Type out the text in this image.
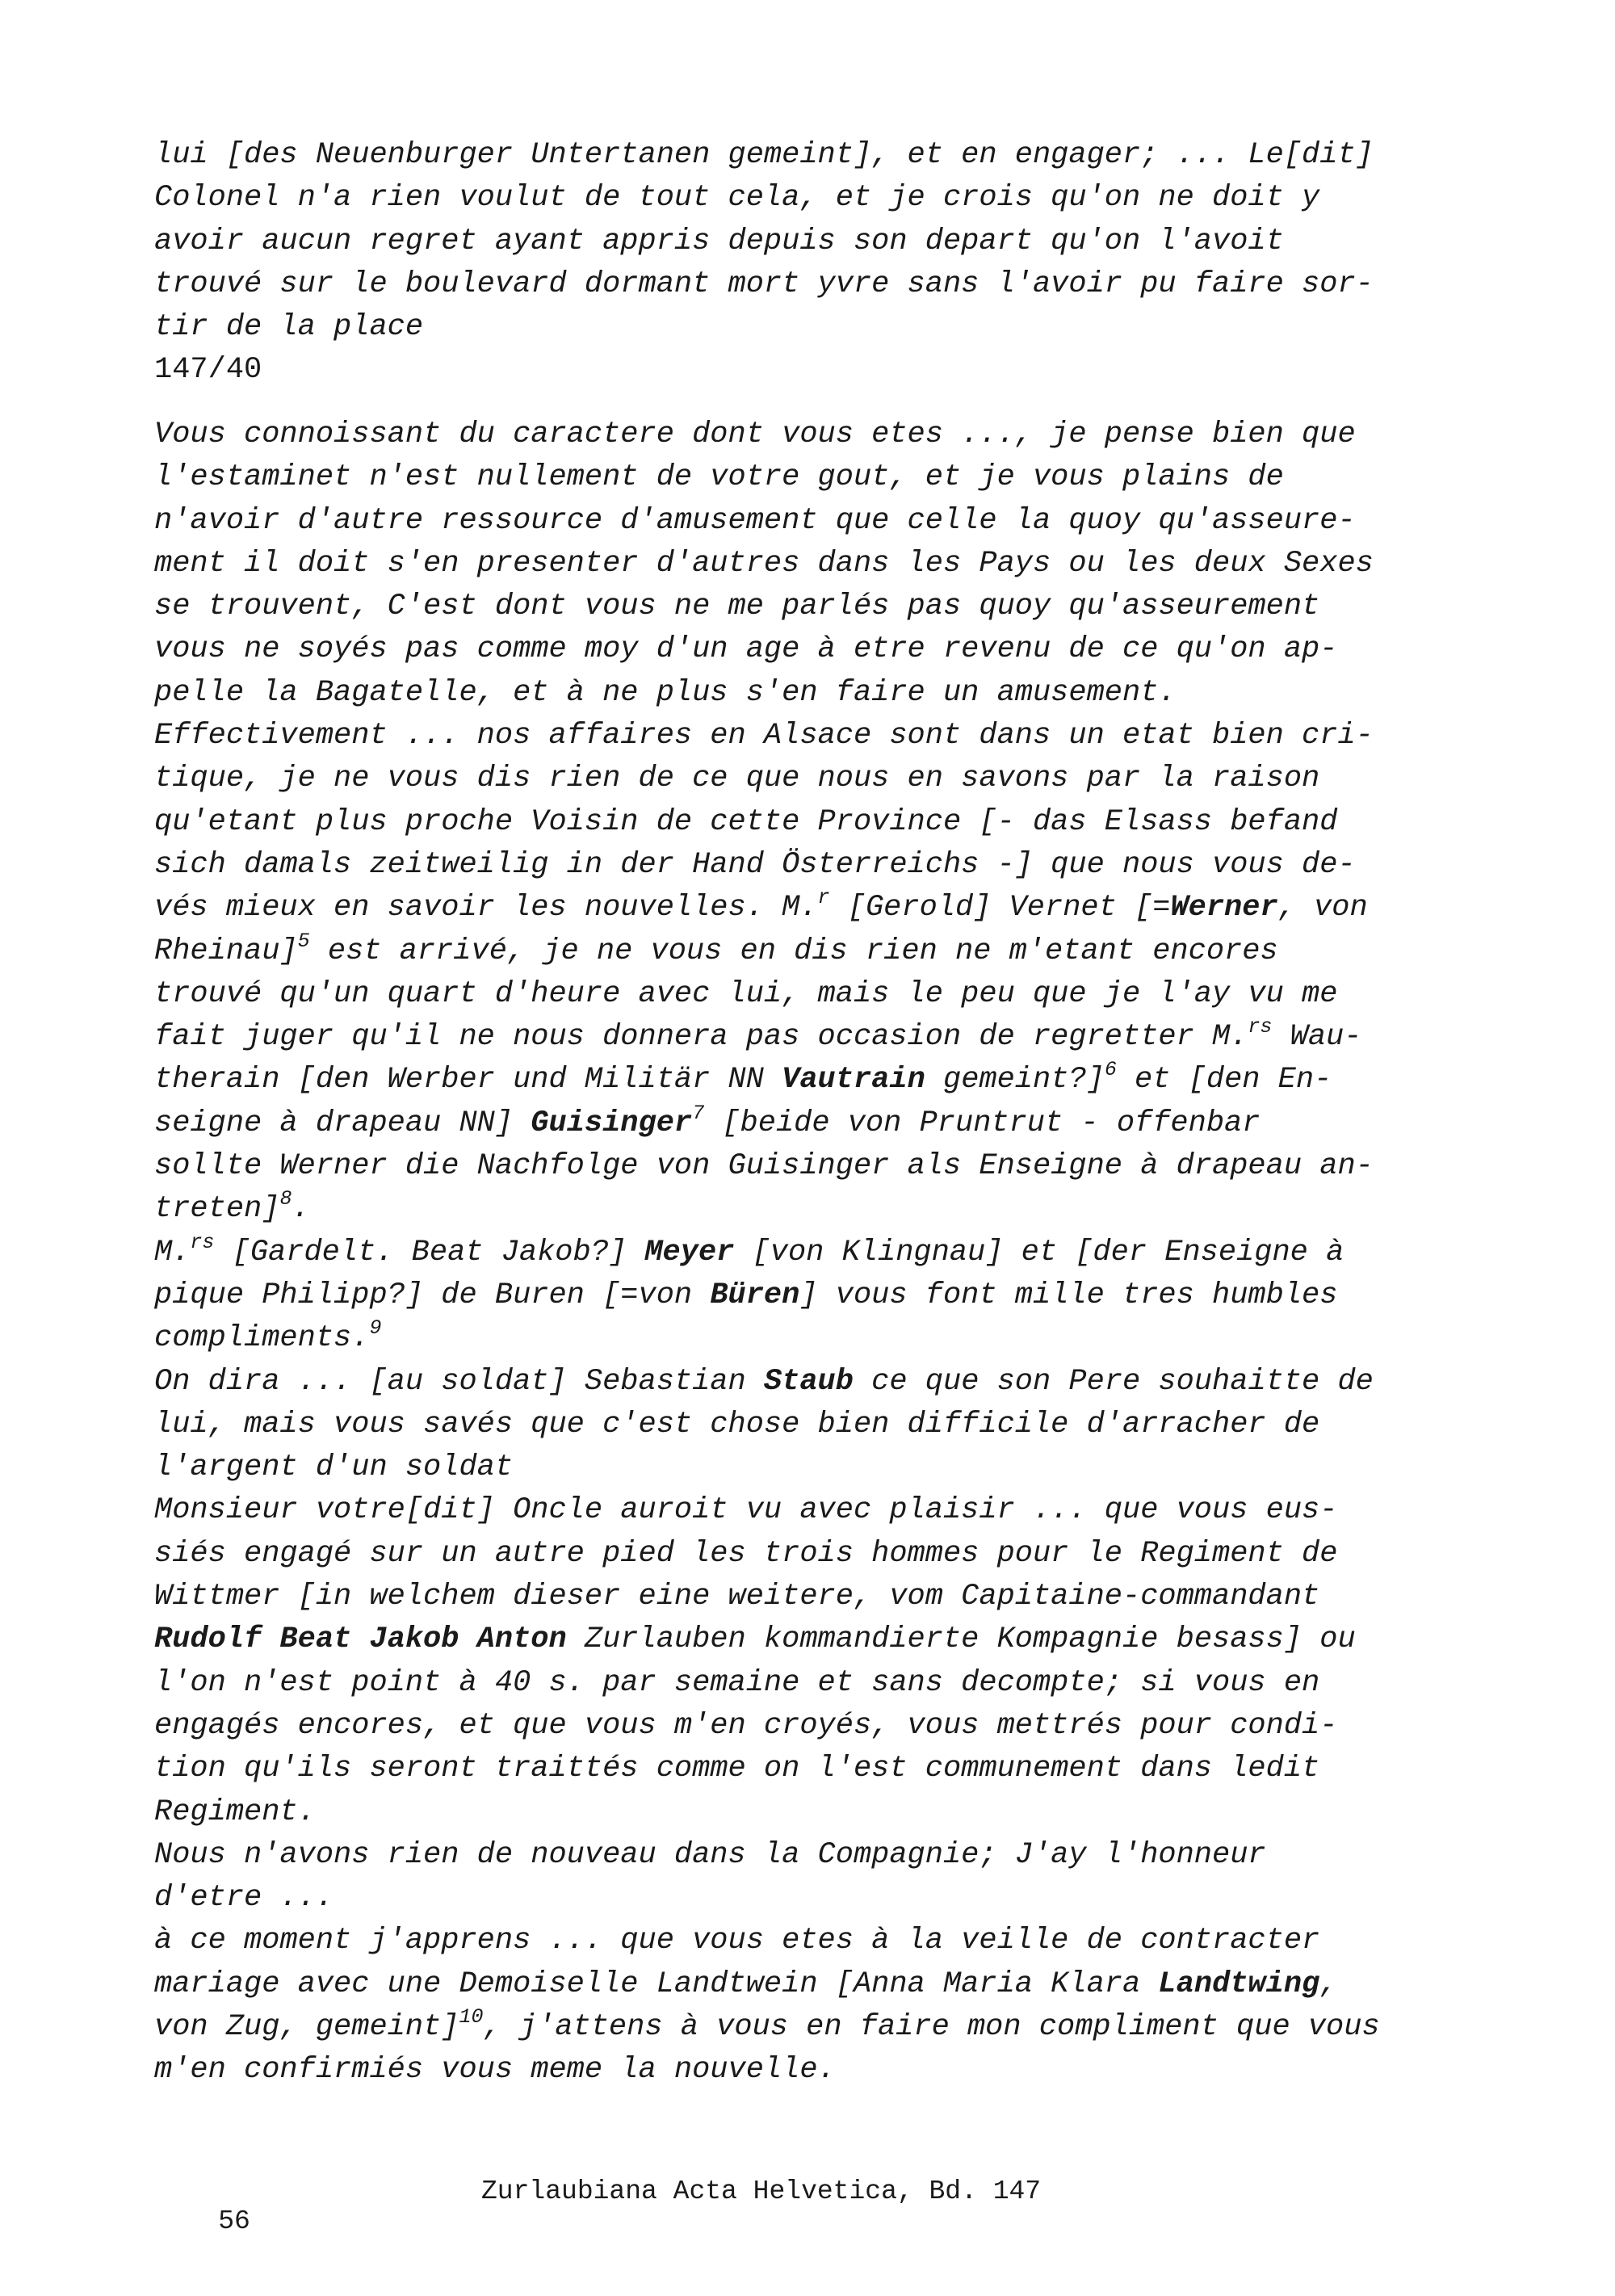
lui [des Neuenburger Untertanen gemeint], et en engager; ... Le[dit]
Colonel n'a rien voulut de tout cela, et je crois qu'on ne doit y
avoir aucun regret ayant appris depuis son depart qu'on l'avoit
trouvé sur le boulevard dormant mort yvre sans l'avoir pu faire sor-
tir de la place
147/40
Vous connoissant du caractere dont vous etes ..., je pense bien que
l'estaminet n'est nullement de votre gout, et je vous plains de
n'avoir d'autre ressource d'amusement que celle la quoy qu'asseure-
ment il doit s'en presenter d'autres dans les Pays ou les deux Sexes
se trouvent, C'est dont vous ne me parlés pas quoy qu'asseurement
vous ne soyés pas comme moy d'un age à etre revenu de ce qu'on ap-
pelle la Bagatelle, et à ne plus s'en faire un amusement.
Effectivement ... nos affaires en Alsace sont dans un etat bien cri-
tique, je ne vous dis rien de ce que nous en savons par la raison
qu'etant plus proche Voisin de cette Province [- das Elsass befand
sich damals zeitweilig in der Hand Österreichs -] que nous vous de-
vés mieux en savoir les nouvelles. M.$^r$ [Gerold] Vernet [=Werner, von
Rheinau]$^5$ est arrivé, je ne vous en dis rien ne m'etant encores
trouvé qu'un quart d'heure avec lui, mais le peu que je l'ay vu me
fait juger qu'il ne nous donnera pas occasion de regretter M.$^{rs}$ Wau-
therain [den Werber und Militär NN Vautrain gemeint?]$^6$ et [den En-
seigne à drapeau NN] Guisinger$^7$ [beide von Pruntrut - offenbar
sollte Werner die Nachfolge von Guisinger als Enseigne à drapeau an-
treten]$^8$.
M.$^{rs}$ [Gardelt. Beat Jakob?] Meyer [von Klingnau] et [der Enseigne à
pique Philipp?] de Buren [=von Büren] vous font mille tres humbles
compliments.$^9$
On dira ... [au soldat] Sebastian Staub ce que son Pere souhaitte de
lui, mais vous savés que c'est chose bien difficile d'arracher de
l'argent d'un soldat
Monsieur votre[dit] Oncle auroit vu avec plaisir ... que vous eus-
siés engagé sur un autre pied les trois hommes pour le Regiment de
Wittmer [in welchem dieser eine weitere, vom Capitaine-commandant
Rudolf Beat Jakob Anton Zurlauben kommandierte Kompagnie besass] ou
l'on n'est point à 40 s. par semaine et sans decompte; si vous en
engagés encores, et que vous m'en croyés, vous mettrés pour condi-
tion qu'ils seront traittés comme on l'est communement dans ledit
Regiment.
Nous n'avons rien de nouveau dans la Compagnie; J'ay l'honneur
d'etre ...
à ce moment j'apprens ... que vous etes à la veille de contracter
mariage avec une Demoiselle Landtwein [Anna Maria Klara Landtwing,
von Zug, gemeint]$^{10}$, j'attens à vous en faire mon compliment que vous
m'en confirmiés vous meme la nouvelle.

56

Zurlaubiana Acta Helvetica, Bd. 147
